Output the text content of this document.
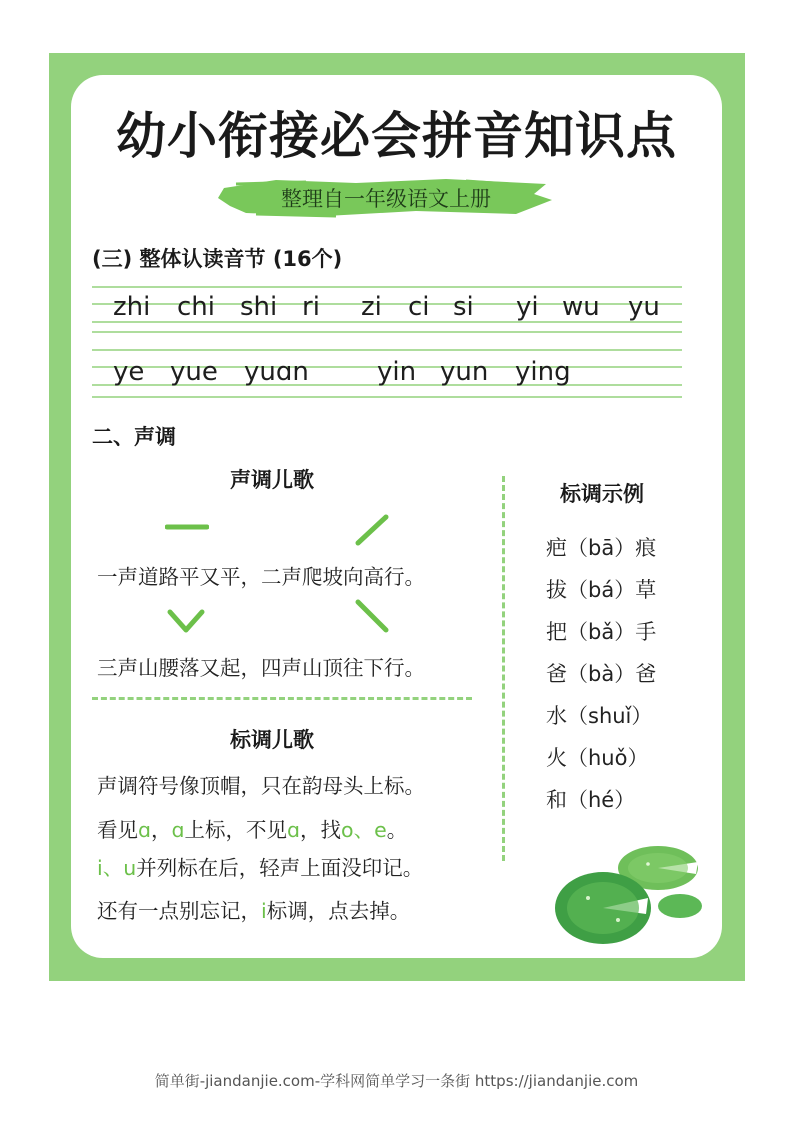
幼小衔接必会拼音知识点
整理自一年级语文上册
(三) 整体认读音节 (16个)
zhi chi shi ri zi ci si yi wu yu
ye yue yuɑn	yin yun ying
二、声调
声调儿歌
一声道路平又平，二声爬坡向高行。
三声山腰落又起，四声山顶往下行。
标调儿歌
声调符号像顶帽，只在韵母头上标。
看见ɑ，ɑ上标，不见ɑ，找o、e。
i、u并列标在后，轻声上面没印记。
还有一点别忘记，i标调，点去掉。
标调示例
疤（bā）痕
拔（bá）草
把（bǎ）手
爸（bà）爸
水（shuǐ）
火（huǒ）
和（hé）
简单街-jiandanjie.com-学科网简单学习一条街 https://jiandanjie.com
